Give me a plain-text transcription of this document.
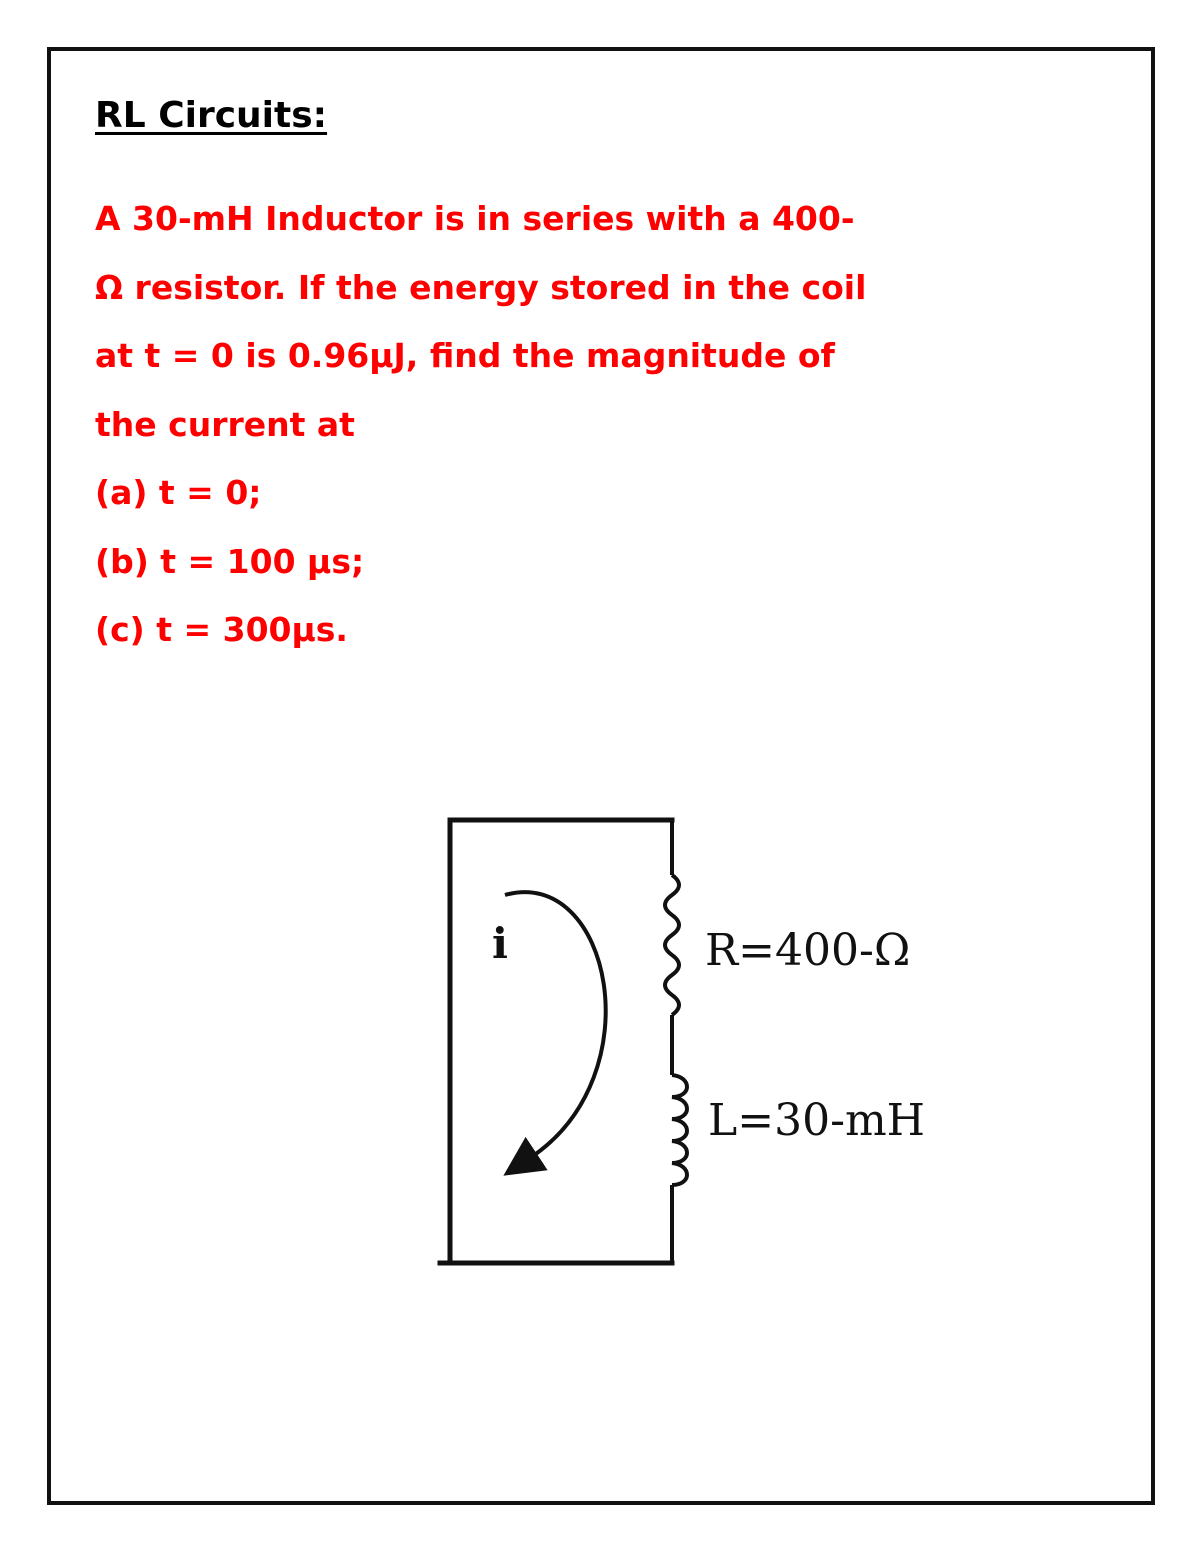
RL Circuits:
A 30-mH Inductor is in series with a 400-
Ω resistor. If the energy stored in the coil
at t = 0 is 0.96μJ, find the magnitude of
the current at
(a) t = 0;
(b) t = 100 μs;
(c) t = 300μs.
i	R=400-Ω
L=30-mH
